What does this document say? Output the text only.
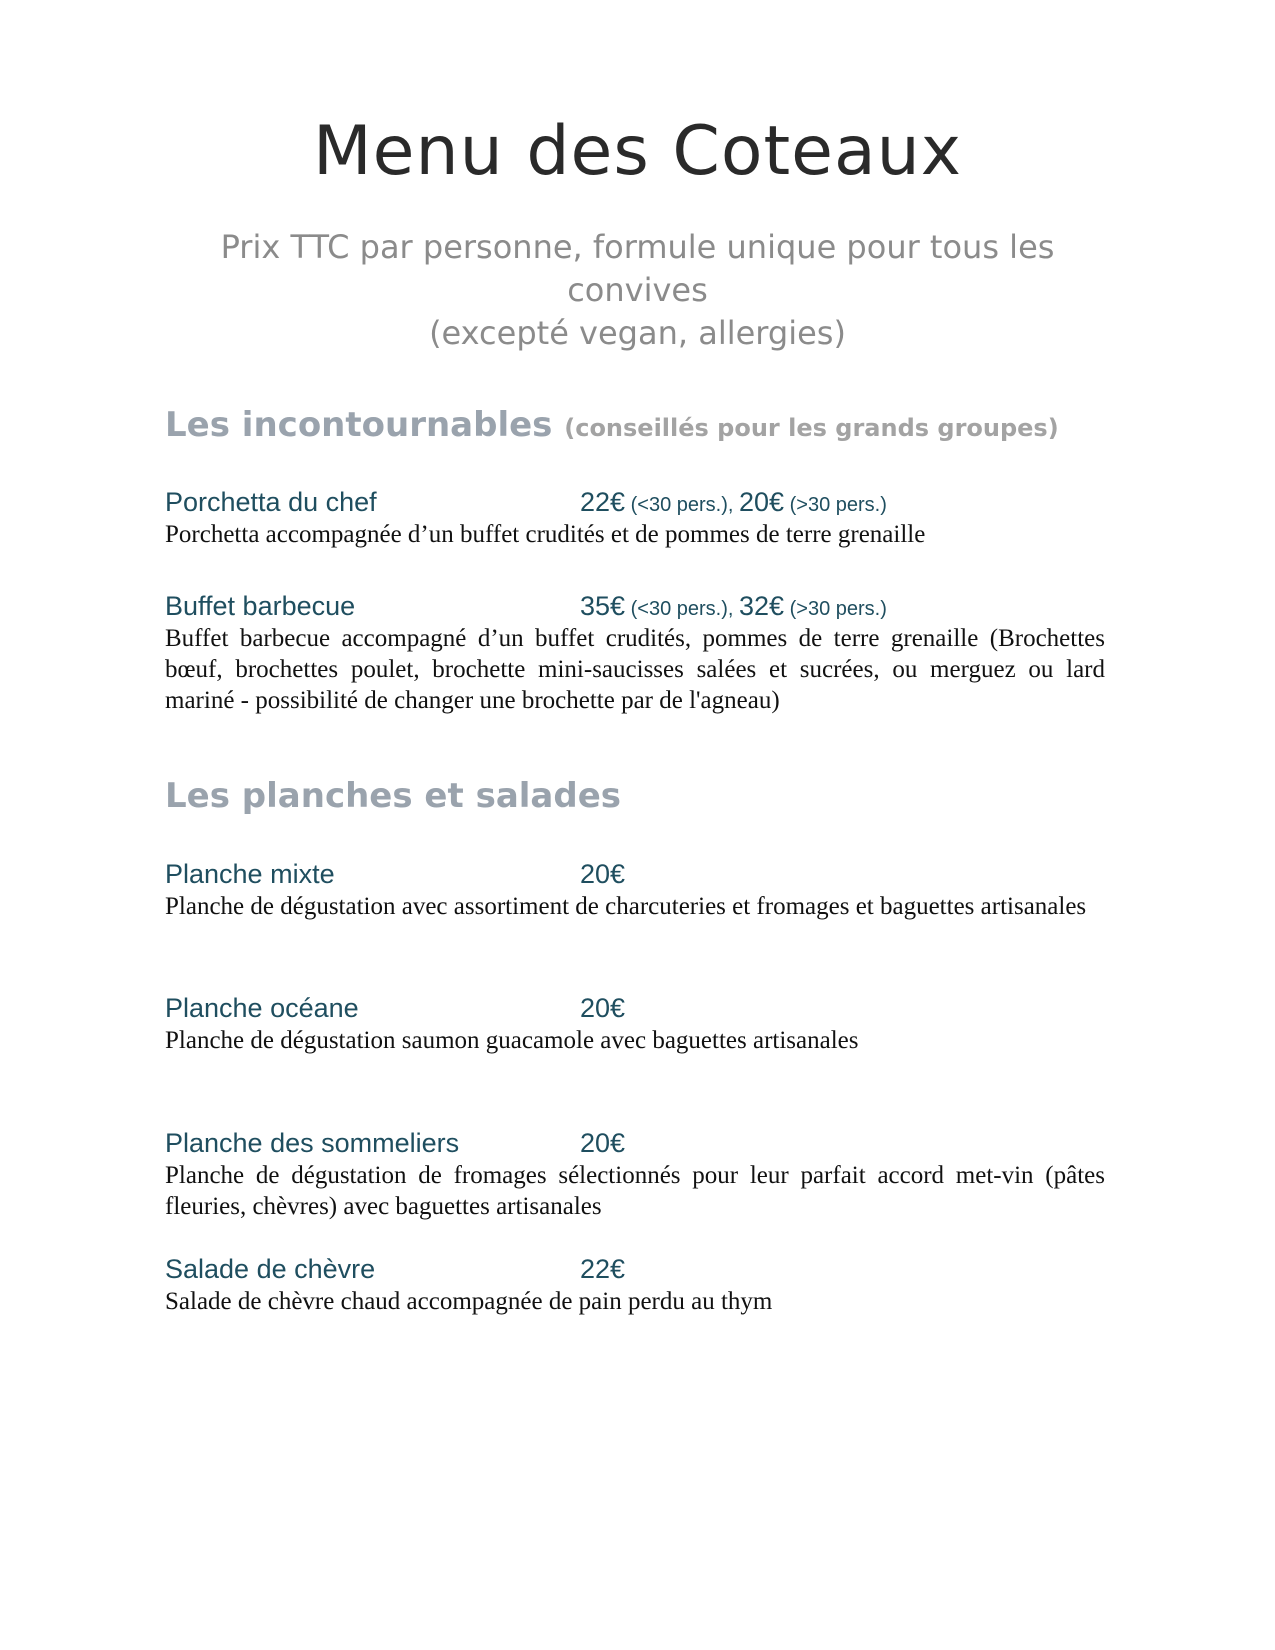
Menu des Coteaux
Prix TTC par personne, formule unique pour tous les
convives
(excepté vegan, allergies)
Les incontournables (conseillés pour les grands groupes)
Porchetta du chef	22€ (<30 pers.), 20€ (>30 pers.)

Porchetta accompagnée d’un buffet crudités et de pommes de terre grenaille

Buffet barbecue	35€ (<30 pers.), 32€ (>30 pers.)

Buffet barbecue accompagné d’un buffet crudités, pommes de terre grenaille (Brochettes bœuf, brochettes poulet, brochette mini-saucisses salées et sucrées, ou merguez ou lard mariné - possibilité de changer une brochette par de l'agneau)

Les planches et salades
Planche mixte	20€

Planche de dégustation avec assortiment de charcuteries et fromages et baguettes artisanales

Planche océane	20€

Planche de dégustation saumon guacamole avec baguettes artisanales

Planche des sommeliers	20€

Planche de dégustation de fromages sélectionnés pour leur parfait accord met-vin (pâtes fleuries, chèvres) avec baguettes artisanales

Salade de chèvre	22€

Salade de chèvre chaud accompagnée de pain perdu au thym
